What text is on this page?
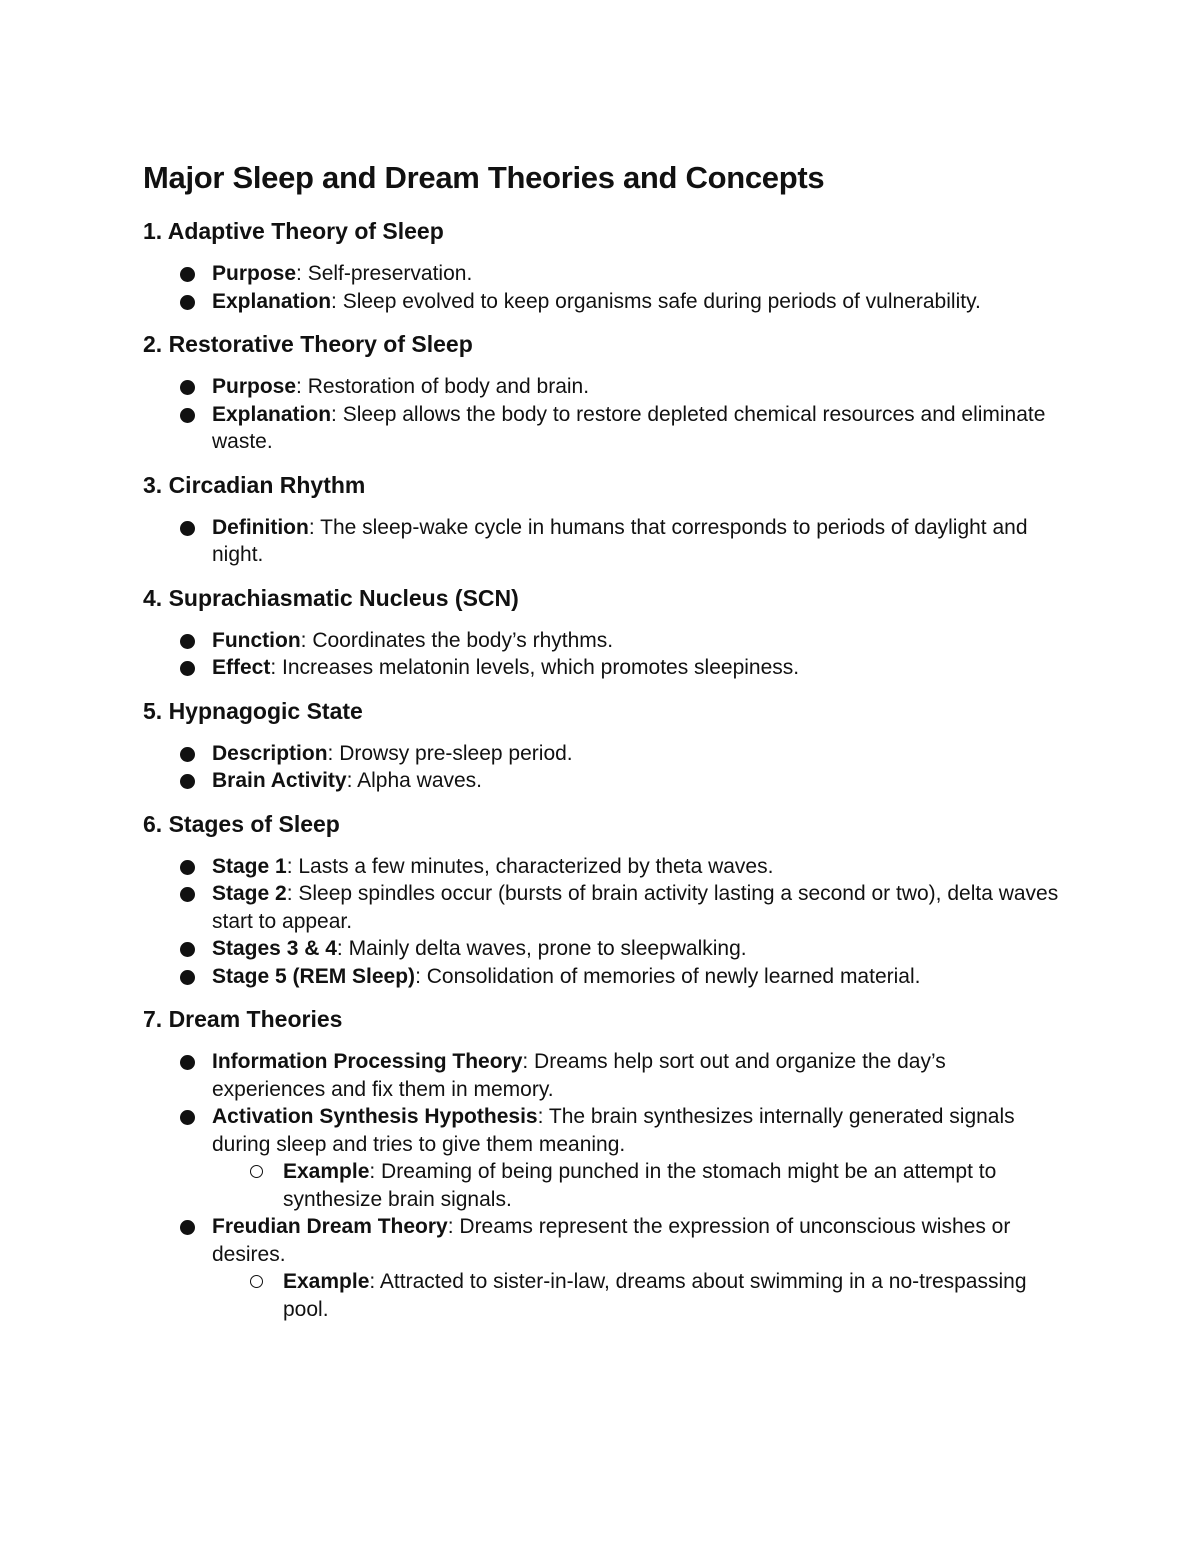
Major Sleep and Dream Theories and Concepts
1. Adaptive Theory of Sleep
Purpose: Self-preservation.
Explanation: Sleep evolved to keep organisms safe during periods of vulnerability.
2. Restorative Theory of Sleep
Purpose: Restoration of body and brain.
Explanation: Sleep allows the body to restore depleted chemical resources and eliminate waste.
3. Circadian Rhythm
Definition: The sleep-wake cycle in humans that corresponds to periods of daylight and night.
4. Suprachiasmatic Nucleus (SCN)
Function: Coordinates the body’s rhythms.
Effect: Increases melatonin levels, which promotes sleepiness.
5. Hypnagogic State
Description: Drowsy pre-sleep period.
Brain Activity: Alpha waves.
6. Stages of Sleep
Stage 1: Lasts a few minutes, characterized by theta waves.
Stage 2: Sleep spindles occur (bursts of brain activity lasting a second or two), delta waves start to appear.
Stages 3 & 4: Mainly delta waves, prone to sleepwalking.
Stage 5 (REM Sleep): Consolidation of memories of newly learned material.
7. Dream Theories
Information Processing Theory: Dreams help sort out and organize the day’s experiences and fix them in memory.
Activation Synthesis Hypothesis: The brain synthesizes internally generated signals during sleep and tries to give them meaning.
Example: Dreaming of being punched in the stomach might be an attempt to synthesize brain signals.
Freudian Dream Theory: Dreams represent the expression of unconscious wishes or desires.
Example: Attracted to sister-in-law, dreams about swimming in a no-trespassing pool.
